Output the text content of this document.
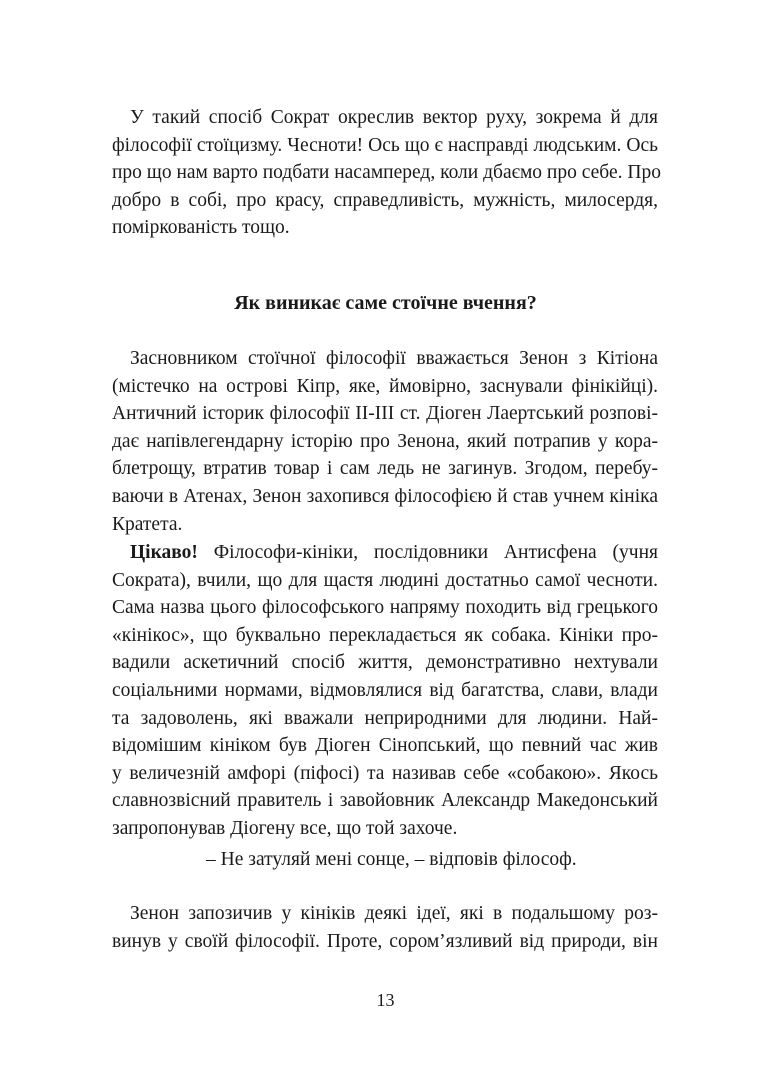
У такий спосіб Сократ окреслив вектор руху, зокрема й для
філософії стоїцизму. Чесноти! Ось що є насправді людським. Ось
про що нам варто подбати насамперед, коли дбаємо про себе. Про
добро в собі, про красу, справедливість, мужність, милосердя,
поміркованість тощо.
Як виникає саме стоїчне вчення?
Засновником стоїчної філософії вважається Зенон з Кітіона
(містечко на острові Кіпр, яке, ймовірно, заснували фінікійці).
Античний історик філософії II-III ст. Діоген Лаертський розпові-
дає напівлегендарну історію про Зенона, який потрапив у кора-
блетрощу, втратив товар і сам ледь не загинув. Згодом, перебу-
ваючи в Атенах, Зенон захопився філософією й став учнем кініка
Кратета.
Цікаво! Філософи-кініки, послідовники Антисфена (учня
Сократа), вчили, що для щастя людині достатньо самої чесноти.
Сама назва цього філософського напряму походить від грецького
«кінікос», що буквально перекладається як собака. Кініки про-
вадили аскетичний спосіб життя, демонстративно нехтували
соціальними нормами, відмовлялися від багатства, слави, влади
та задоволень, які вважали неприродними для людини. Най-
відомішим кініком був Діоген Сінопський, що певний час жив
у величезній амфорі (піфосі) та називав себе «собакою». Якось
славнозвісний правитель і завойовник Александр Македонський
запропонував Діогену все, що той захоче.
– Не затуляй мені сонце, – відповів філософ.
Зенон запозичив у кініків деякі ідеї, які в подальшому роз-
винув у своїй філософії. Проте, сором’язливий від природи, він
13
